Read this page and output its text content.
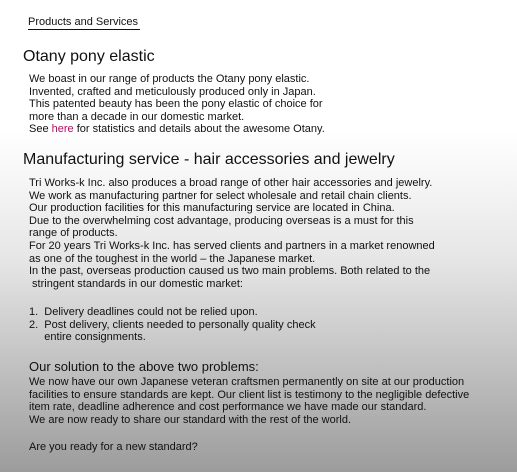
Products and Services
Otany pony elastic
We boast in our range of products the Otany pony elastic.
Invented, crafted and meticulously produced only in Japan.
This patented beauty has been the pony elastic of choice for
more than a decade in our domestic market.
See here for statistics and details about the awesome Otany.
Manufacturing service - hair accessories and jewelry
Tri Works-k Inc. also produces a broad range of other hair accessories and jewelry.
We work as manufacturing partner for select wholesale and retail chain clients.
Our production facilities for this manufacturing service are located in China.
Due to the overwhelming cost advantage, producing overseas is a must for this
range of products.
For 20 years Tri Works-k Inc. has served clients and partners in a market renowned
as one of the toughest in the world – the Japanese market.
In the past, overseas production caused us two main problems. Both related to the
stringent standards in our domestic market:
1.  Delivery deadlines could not be relied upon.
2.  Post delivery, clients needed to personally quality check
entire consignments.
Our solution to the above two problems:
We now have our own Japanese veteran craftsmen permanently on site at our production
facilities to ensure standards are kept. Our client list is testimony to the negligible defective
item rate, deadline adherence and cost performance we have made our standard.
We are now ready to share our standard with the rest of the world.
Are you ready for a new standard?
